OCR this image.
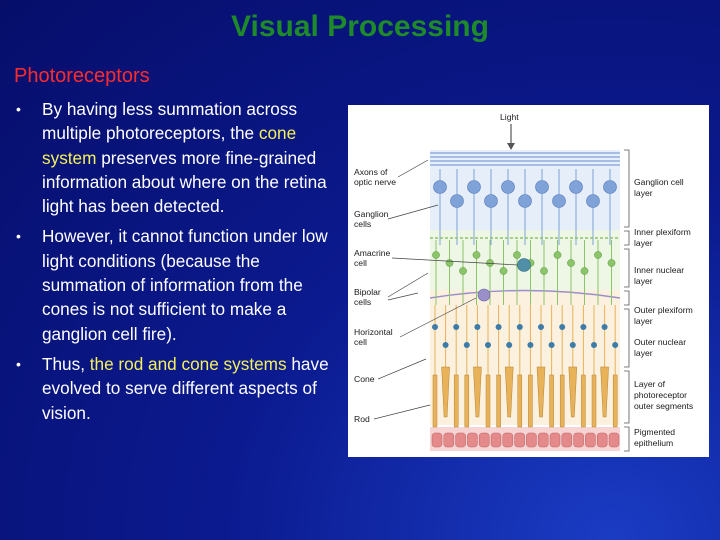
Visual Processing
Photoreceptors
• By having less summation across multiple photoreceptors, the cone system preserves more fine-grained information about where on the retina light has been detected.
• However, it cannot function under low light conditions (because the summation of information from the cones is not sufficient to make a ganglion cell fire).
• Thus, the rod and cone systems have evolved to serve different aspects of vision.
Light
Axons of
optic nerve
Ganglion
cells
Amacrine
cell
Bipolar
cells
Horizontal
cell
Cone
Rod
Ganglion cell
layer
Inner plexiform
layer
Inner nuclear
layer
Outer plexiform
layer
Outer nuclear
layer
Layer of
photoreceptor
outer segments
Pigmented
epithelium
